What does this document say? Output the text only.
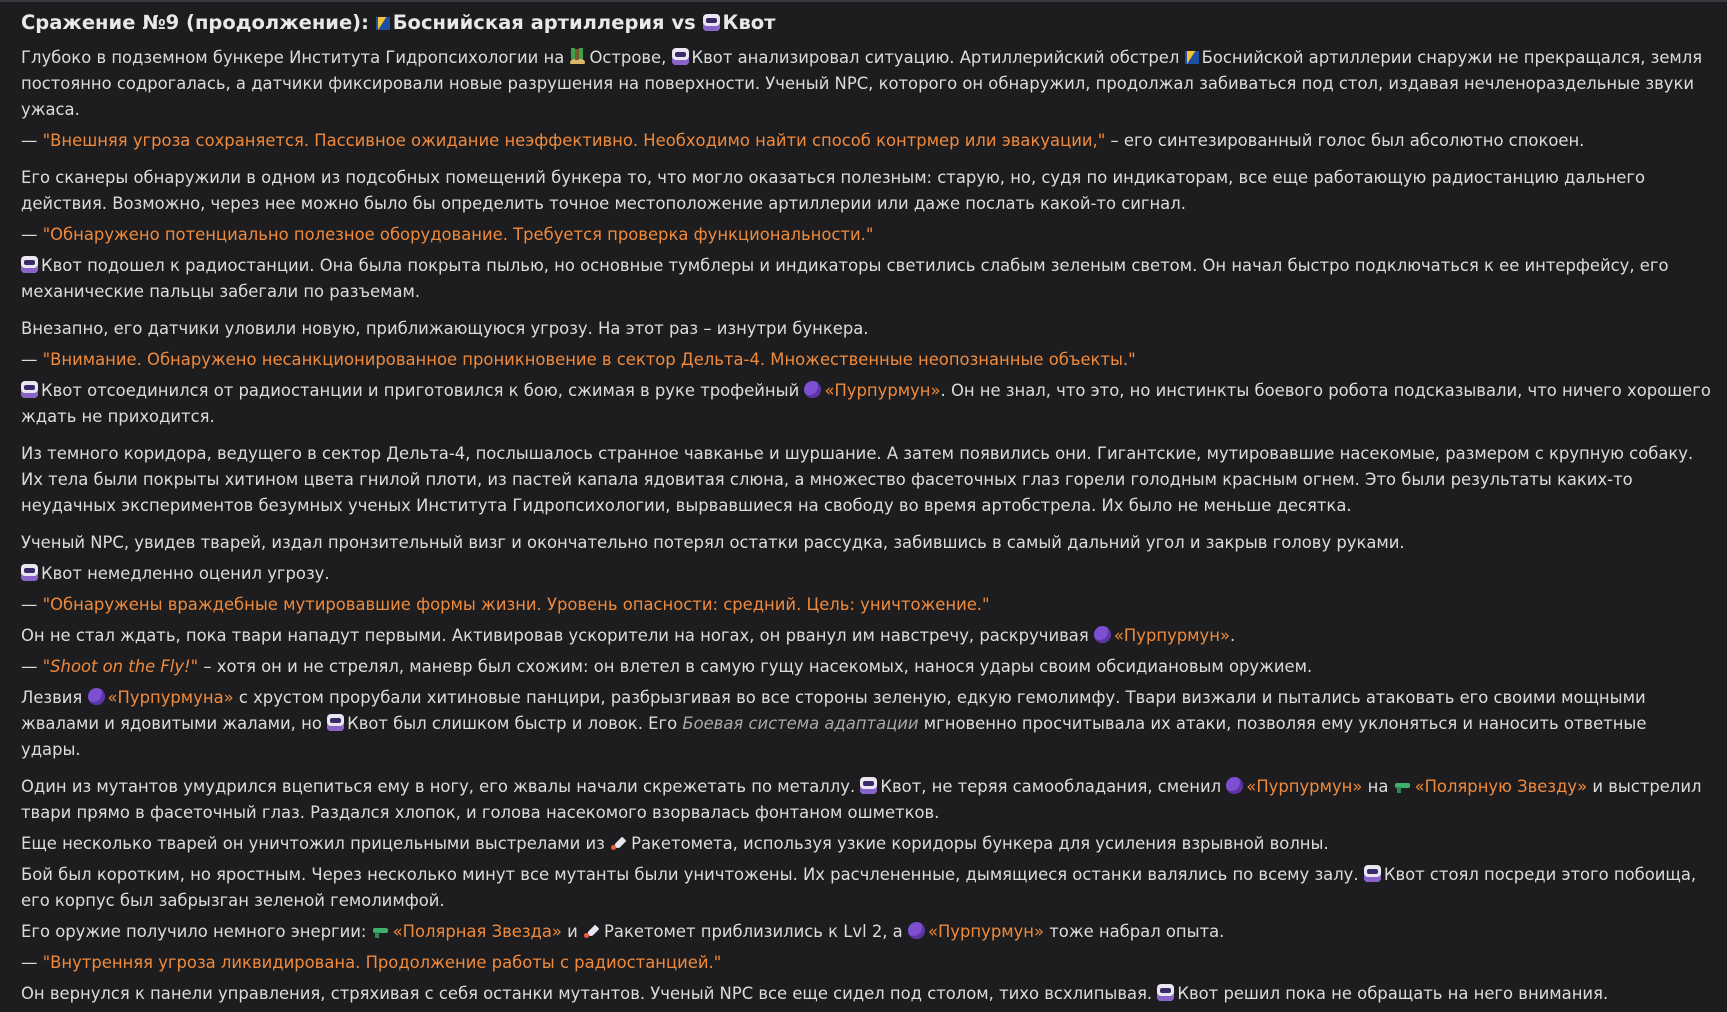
Сражение №9 (продолжение): Боснийская артиллерия vs Квот

Глубоко в подземном бункере Института Гидропсихологии на Острове, Квот анализировал ситуацию. Артиллерийский обстрел Боснийской артиллерии снаружи не прекращался, земля постоянно содрогалась, а датчики фиксировали новые разрушения на поверхности. Ученый NPC, которого он обнаружил, продолжал забиваться под стол, издавая нечленораздельные звуки ужаса.

— "Внешняя угроза сохраняется. Пассивное ожидание неэффективно. Необходимо найти способ контрмер или эвакуации," – его синтезированный голос был абсолютно спокоен.

Его сканеры обнаружили в одном из подсобных помещений бункера то, что могло оказаться полезным: старую, но, судя по индикаторам, все еще работающую радиостанцию дальнего действия. Возможно, через нее можно было бы определить точное местоположение артиллерии или даже послать какой-то сигнал.

— "Обнаружено потенциально полезное оборудование. Требуется проверка функциональности."

Квот подошел к радиостанции. Она была покрыта пылью, но основные тумблеры и индикаторы светились слабым зеленым светом. Он начал быстро подключаться к ее интерфейсу, его механические пальцы забегали по разъемам.

Внезапно, его датчики уловили новую, приближающуюся угрозу. На этот раз – изнутри бункера.

— "Внимание. Обнаружено несанкционированное проникновение в сектор Дельта-4. Множественные неопознанные объекты."

Квот отсоединился от радиостанции и приготовился к бою, сжимая в руке трофейный «Пурпурмун». Он не знал, что это, но инстинкты боевого робота подсказывали, что ничего хорошего ждать не приходится.

Из темного коридора, ведущего в сектор Дельта-4, послышалось странное чавканье и шуршание. А затем появились они. Гигантские, мутировавшие насекомые, размером с крупную собаку. Их тела были покрыты хитином цвета гнилой плоти, из пастей капала ядовитая слюна, а множество фасеточных глаз горели голодным красным огнем. Это были результаты каких-то неудачных экспериментов безумных ученых Института Гидропсихологии, вырвавшиеся на свободу во время артобстрела. Их было не меньше десятка.

Ученый NPC, увидев тварей, издал пронзительный визг и окончательно потерял остатки рассудка, забившись в самый дальний угол и закрыв голову руками.

Квот немедленно оценил угрозу.

— "Обнаружены враждебные мутировавшие формы жизни. Уровень опасности: средний. Цель: уничтожение."

Он не стал ждать, пока твари нападут первыми. Активировав ускорители на ногах, он рванул им навстречу, раскручивая «Пурпурмун».

— "Shoot on the Fly!" – хотя он и не стрелял, маневр был схожим: он влетел в самую гущу насекомых, нанося удары своим обсидиановым оружием.

Лезвия «Пурпурмуна» с хрустом прорубали хитиновые панцири, разбрызгивая во все стороны зеленую, едкую гемолимфу. Твари визжали и пытались атаковать его своими мощными жвалами и ядовитыми жалами, но Квот был слишком быстр и ловок. Его Боевая система адаптации мгновенно просчитывала их атаки, позволяя ему уклоняться и наносить ответные удары.

Один из мутантов умудрился вцепиться ему в ногу, его жвалы начали скрежетать по металлу. Квот, не теряя самообладания, сменил «Пурпурмун» на «Полярную Звезду» и выстрелил твари прямо в фасеточный глаз. Раздался хлопок, и голова насекомого взорвалась фонтаном ошметков.

Еще несколько тварей он уничтожил прицельными выстрелами из Ракетомета, используя узкие коридоры бункера для усиления взрывной волны.

Бой был коротким, но яростным. Через несколько минут все мутанты были уничтожены. Их расчлененные, дымящиеся останки валялись по всему залу. Квот стоял посреди этого побоища, его корпус был забрызган зеленой гемолимфой.

Его оружие получило немного энергии: «Полярная Звезда» и Ракетомет приблизились к Lvl 2, а «Пурпурмун» тоже набрал опыта.

— "Внутренняя угроза ликвидирована. Продолжение работы с радиостанцией."

Он вернулся к панели управления, стряхивая с себя останки мутантов. Ученый NPC все еще сидел под столом, тихо всхлипывая. Квот решил пока не обращать на него внимания.
